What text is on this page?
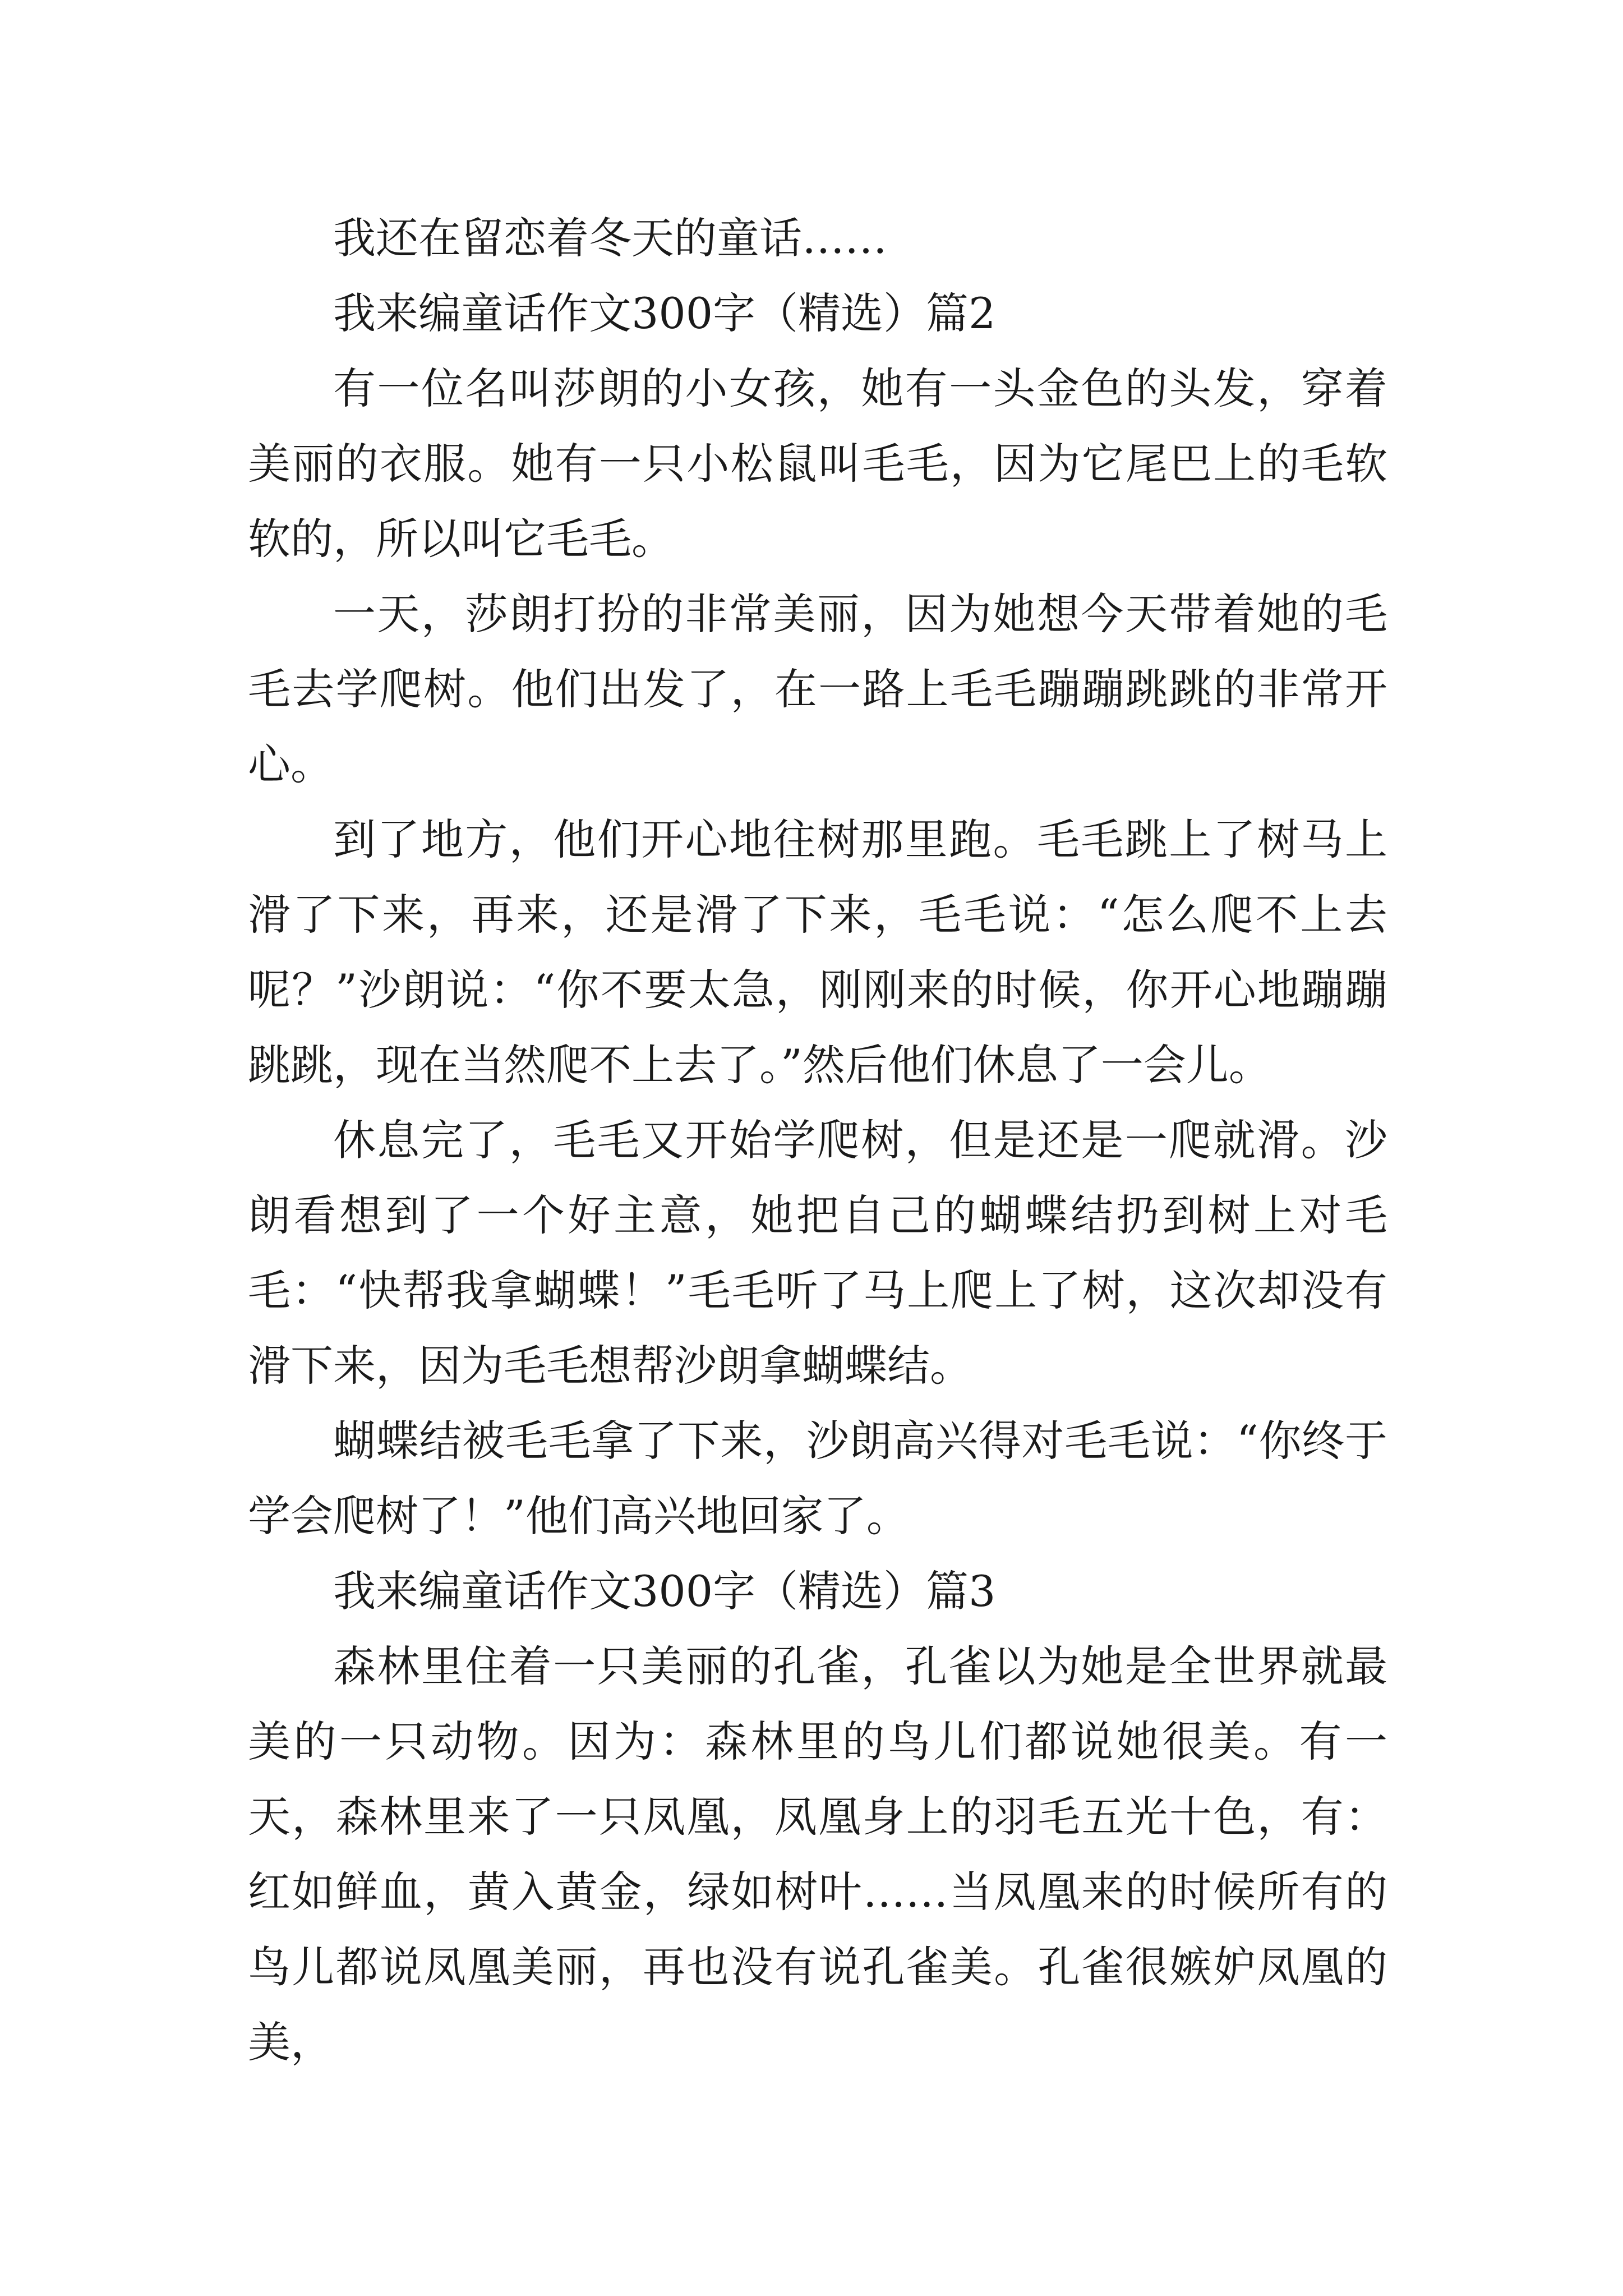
我还在留恋着冬天的童话……

我来编童话作文300字（精选）篇2

有一位名叫莎朗的小女孩，她有一头金色的头发，穿着美丽的衣服。她有一只小松鼠叫毛毛，因为它尾巴上的毛软软的，所以叫它毛毛。

一天，莎朗打扮的非常美丽，因为她想今天带着她的毛毛去学爬树。他们出发了，在一路上毛毛蹦蹦跳跳的非常开心。

到了地方，他们开心地往树那里跑。毛毛跳上了树马上滑了下来，再来，还是滑了下来，毛毛说：“怎么爬不上去呢？”沙朗说：“你不要太急，刚刚来的时候，你开心地蹦蹦跳跳，现在当然爬不上去了。”然后他们休息了一会儿。

休息完了，毛毛又开始学爬树，但是还是一爬就滑。沙朗看想到了一个好主意，她把自己的蝴蝶结扔到树上对毛毛：“快帮我拿蝴蝶！”毛毛听了马上爬上了树，这次却没有滑下来，因为毛毛想帮沙朗拿蝴蝶结。

蝴蝶结被毛毛拿了下来，沙朗高兴得对毛毛说：“你终于学会爬树了！”他们高兴地回家了。

我来编童话作文300字（精选）篇3

森林里住着一只美丽的孔雀，孔雀以为她是全世界就最美的一只动物。因为：森林里的鸟儿们都说她很美。有一天，森林里来了一只凤凰，凤凰身上的羽毛五光十色，有：红如鲜血，黄入黄金，绿如树叶……当凤凰来的时候所有的鸟儿都说凤凰美丽，再也没有说孔雀美。孔雀很嫉妒凤凰的美，
